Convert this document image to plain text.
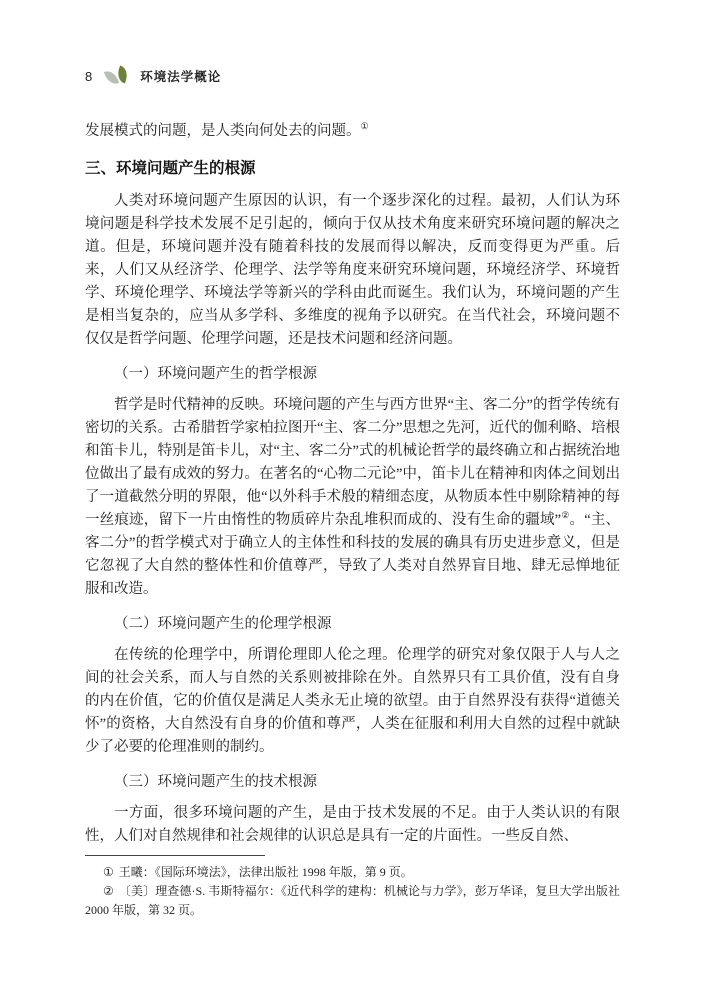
8	环境法学概论

发展模式的问题，是人类向何处去的问题。①

三、环境问题产生的根源

人类对环境问题产生原因的认识，有一个逐步深化的过程。最初，人们认为环境问题是科学技术发展不足引起的，倾向于仅从技术角度来研究环境问题的解决之道。但是，环境问题并没有随着科技的发展而得以解决，反而变得更为严重。后来，人们又从经济学、伦理学、法学等角度来研究环境问题，环境经济学、环境哲学、环境伦理学、环境法学等新兴的学科由此而诞生。我们认为，环境问题的产生是相当复杂的，应当从多学科、多维度的视角予以研究。在当代社会，环境问题不仅仅是哲学问题、伦理学问题，还是技术问题和经济问题。

（一）环境问题产生的哲学根源

哲学是时代精神的反映。环境问题的产生与西方世界“主、客二分”的哲学传统有密切的关系。古希腊哲学家柏拉图开“主、客二分”思想之先河，近代的伽利略、培根和笛卡儿，特别是笛卡儿，对“主、客二分”式的机械论哲学的最终确立和占据统治地位做出了最有成效的努力。在著名的“心物二元论”中，笛卡儿在精神和肉体之间划出了一道截然分明的界限，他“以外科手术般的精细态度，从物质本性中剔除精神的每一丝痕迹，留下一片由惰性的物质碎片杂乱堆积而成的、没有生命的疆域”②。“主、客二分”的哲学模式对于确立人的主体性和科技的发展的确具有历史进步意义，但是它忽视了大自然的整体性和价值尊严，导致了人类对自然界盲目地、肆无忌惮地征服和改造。

（二）环境问题产生的伦理学根源

在传统的伦理学中，所谓伦理即人伦之理。伦理学的研究对象仅限于人与人之间的社会关系，而人与自然的关系则被排除在外。自然界只有工具价值，没有自身的内在价值，它的价值仅是满足人类永无止境的欲望。由于自然界没有获得“道德关怀”的资格，大自然没有自身的价值和尊严，人类在征服和利用大自然的过程中就缺少了必要的伦理准则的制约。

（三）环境问题产生的技术根源

一方面，很多环境问题的产生，是由于技术发展的不足。由于人类认识的有限性，人们对自然规律和社会规律的认识总是具有一定的片面性。一些反自然、

① 王曦：《国际环境法》，法律出版社 1998 年版，第 9 页。

② 〔美〕理查德·S. 韦斯特福尔：《近代科学的建构：机械论与力学》，彭万华译，复旦大学出版社 2000 年版，第 32 页。
